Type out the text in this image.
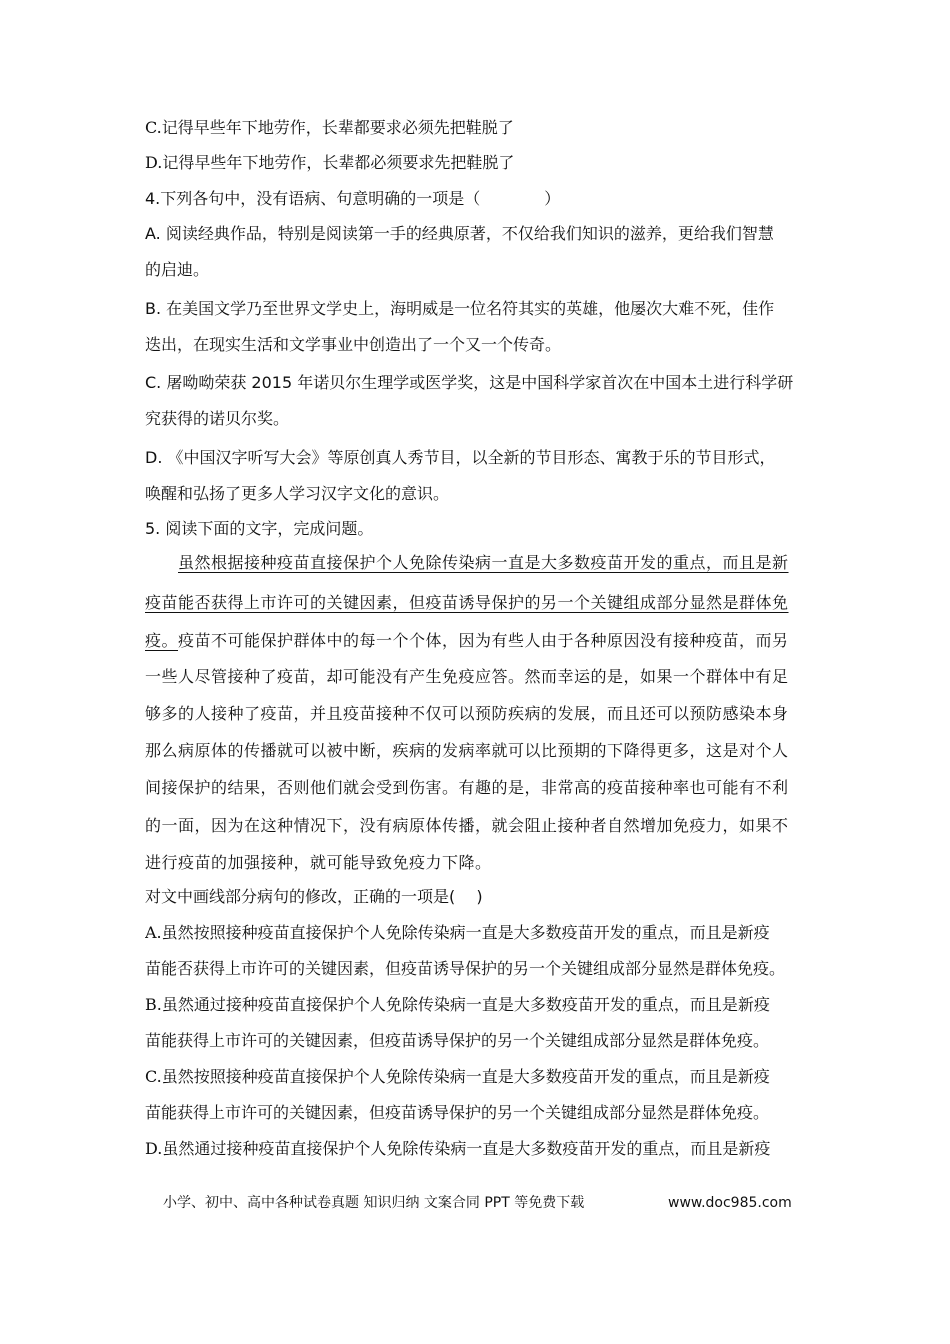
C.记得早些年下地劳作，长辈都要求必须先把鞋脱了
D.记得早些年下地劳作，长辈都必须要求先把鞋脱了
4.下列各句中，没有语病、句意明确的一项是（　　　　）
A. 阅读经典作品，特别是阅读第一手的经典原著，不仅给我们知识的滋养，更给我们智慧
的启迪。
B. 在美国文学乃至世界文学史上，海明威是一位名符其实的英雄，他屡次大难不死，佳作
迭出，在现实生活和文学事业中创造出了一个又一个传奇。
C. 屠呦呦荣获 2015 年诺贝尔生理学或医学奖，这是中国科学家首次在中国本土进行科学研
究获得的诺贝尔奖。
D. 《中国汉字听写大会》等原创真人秀节目，以全新的节目形态、寓教于乐的节目形式，
唤醒和弘扬了更多人学习汉字文化的意识。
5. 阅读下面的文字，完成问题。
虽然根据接种疫苗直接保护个人免除传染病一直是大多数疫苗开发的重点，而且是新
疫苗能否获得上市许可的关键因素，但疫苗诱导保护的另一个关键组成部分显然是群体免
疫。疫苗不可能保护群体中的每一个个体，因为有些人由于各种原因没有接种疫苗，而另
一些人尽管接种了疫苗，却可能没有产生免疫应答。然而幸运的是，如果一个群体中有足
够多的人接种了疫苗，并且疫苗接种不仅可以预防疾病的发展，而且还可以预防感染本身
那么病原体的传播就可以被中断，疾病的发病率就可以比预期的下降得更多，这是对个人
间接保护的结果，否则他们就会受到伤害。有趣的是，非常高的疫苗接种率也可能有不利
的一面，因为在这种情况下，没有病原体传播，就会阻止接种者自然增加免疫力，如果不
进行疫苗的加强接种，就可能导致免疫力下降。
对文中画线部分病句的修改，正确的一项是(　 )
A.虽然按照接种疫苗直接保护个人免除传染病一直是大多数疫苗开发的重点，而且是新疫
苗能否获得上市许可的关键因素，但疫苗诱导保护的另一个关键组成部分显然是群体免疫。
B.虽然通过接种疫苗直接保护个人免除传染病一直是大多数疫苗开发的重点，而且是新疫
苗能获得上市许可的关键因素，但疫苗诱导保护的另一个关键组成部分显然是群体免疫。
C.虽然按照接种疫苗直接保护个人免除传染病一直是大多数疫苗开发的重点，而且是新疫
苗能获得上市许可的关键因素，但疫苗诱导保护的另一个关键组成部分显然是群体免疫。
D.虽然通过接种疫苗直接保护个人免除传染病一直是大多数疫苗开发的重点，而且是新疫
小学、初中、高中各种试卷真题 知识归纳 文案合同 PPT 等免费下载	www.doc985.com
